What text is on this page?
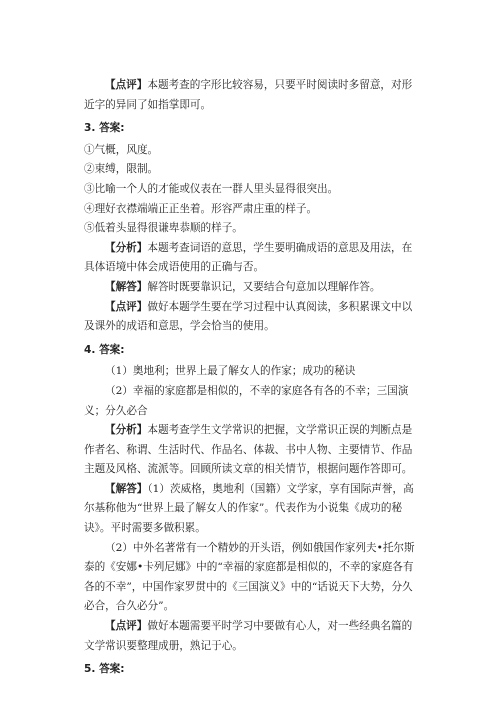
【点评】本题考查的字形比较容易，只要平时阅读时多留意，对形近字的异同了如指掌即可。

3. 答案:

①气概，风度。

②束缚，限制。

③比喻一个人的才能或仪表在一群人里头显得很突出。

④理好衣襟端端正正坐着。形容严肃庄重的样子。

⑤低着头显得很谦卑恭顺的样子。

【分析】本题考查词语的意思，学生要明确成语的意思及用法，在具体语境中体会成语使用的正确与否。

【解答】解答时既要靠识记，又要结合句意加以理解作答。

【点评】做好本题学生要在学习过程中认真阅读，多积累课文中以及课外的成语和意思，学会恰当的使用。

4. 答案:

（1）奥地利；世界上最了解女人的作家；成功的秘诀

（2）幸福的家庭都是相似的，不幸的家庭各有各的不幸；三国演义；分久必合

【分析】本题考查学生文学常识的把握，文学常识正误的判断点是作者名、称谓、生活时代、作品名、体裁、书中人物、主要情节、作品主题及风格、流派等。回顾所读文章的相关情节，根据问题作答即可。

【解答】（1）茨威格，奥地利（国籍）文学家，享有国际声誉，高尔基称他为“世界上最了解女人的作家”。代表作为小说集《成功的秘诀》。平时需要多做积累。

（2）中外名著常有一个精妙的开头语，例如俄国作家列夫•托尔斯泰的《安娜•卡列尼娜》中的“幸福的家庭都是相似的，不幸的家庭各有各的不幸”，中国作家罗贯中的《三国演义》中的“话说天下大势，分久必合，合久必分”。

【点评】做好本题需要平时学习中要做有心人，对一些经典名篇的文学常识要整理成册，熟记于心。

5. 答案:
